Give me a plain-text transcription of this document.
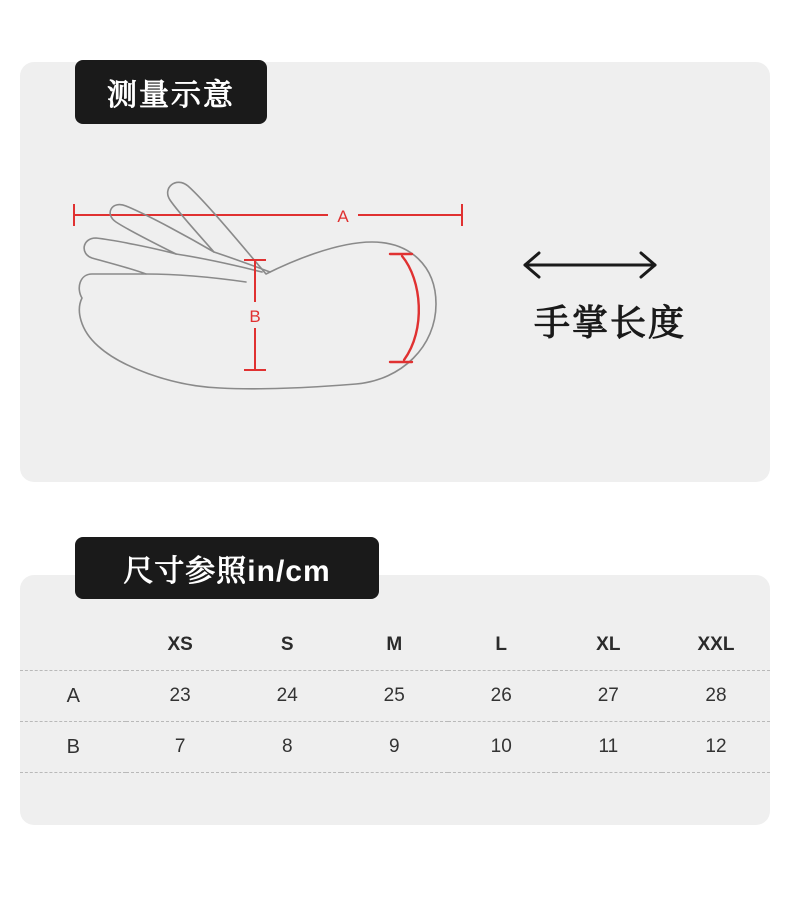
测量示意
A
B	手掌长度
尺寸参照in/cm
	XS	S	M	L	XL	XXL
A	23	24	25	26	27	28
B	7	8	9	10	11	12
